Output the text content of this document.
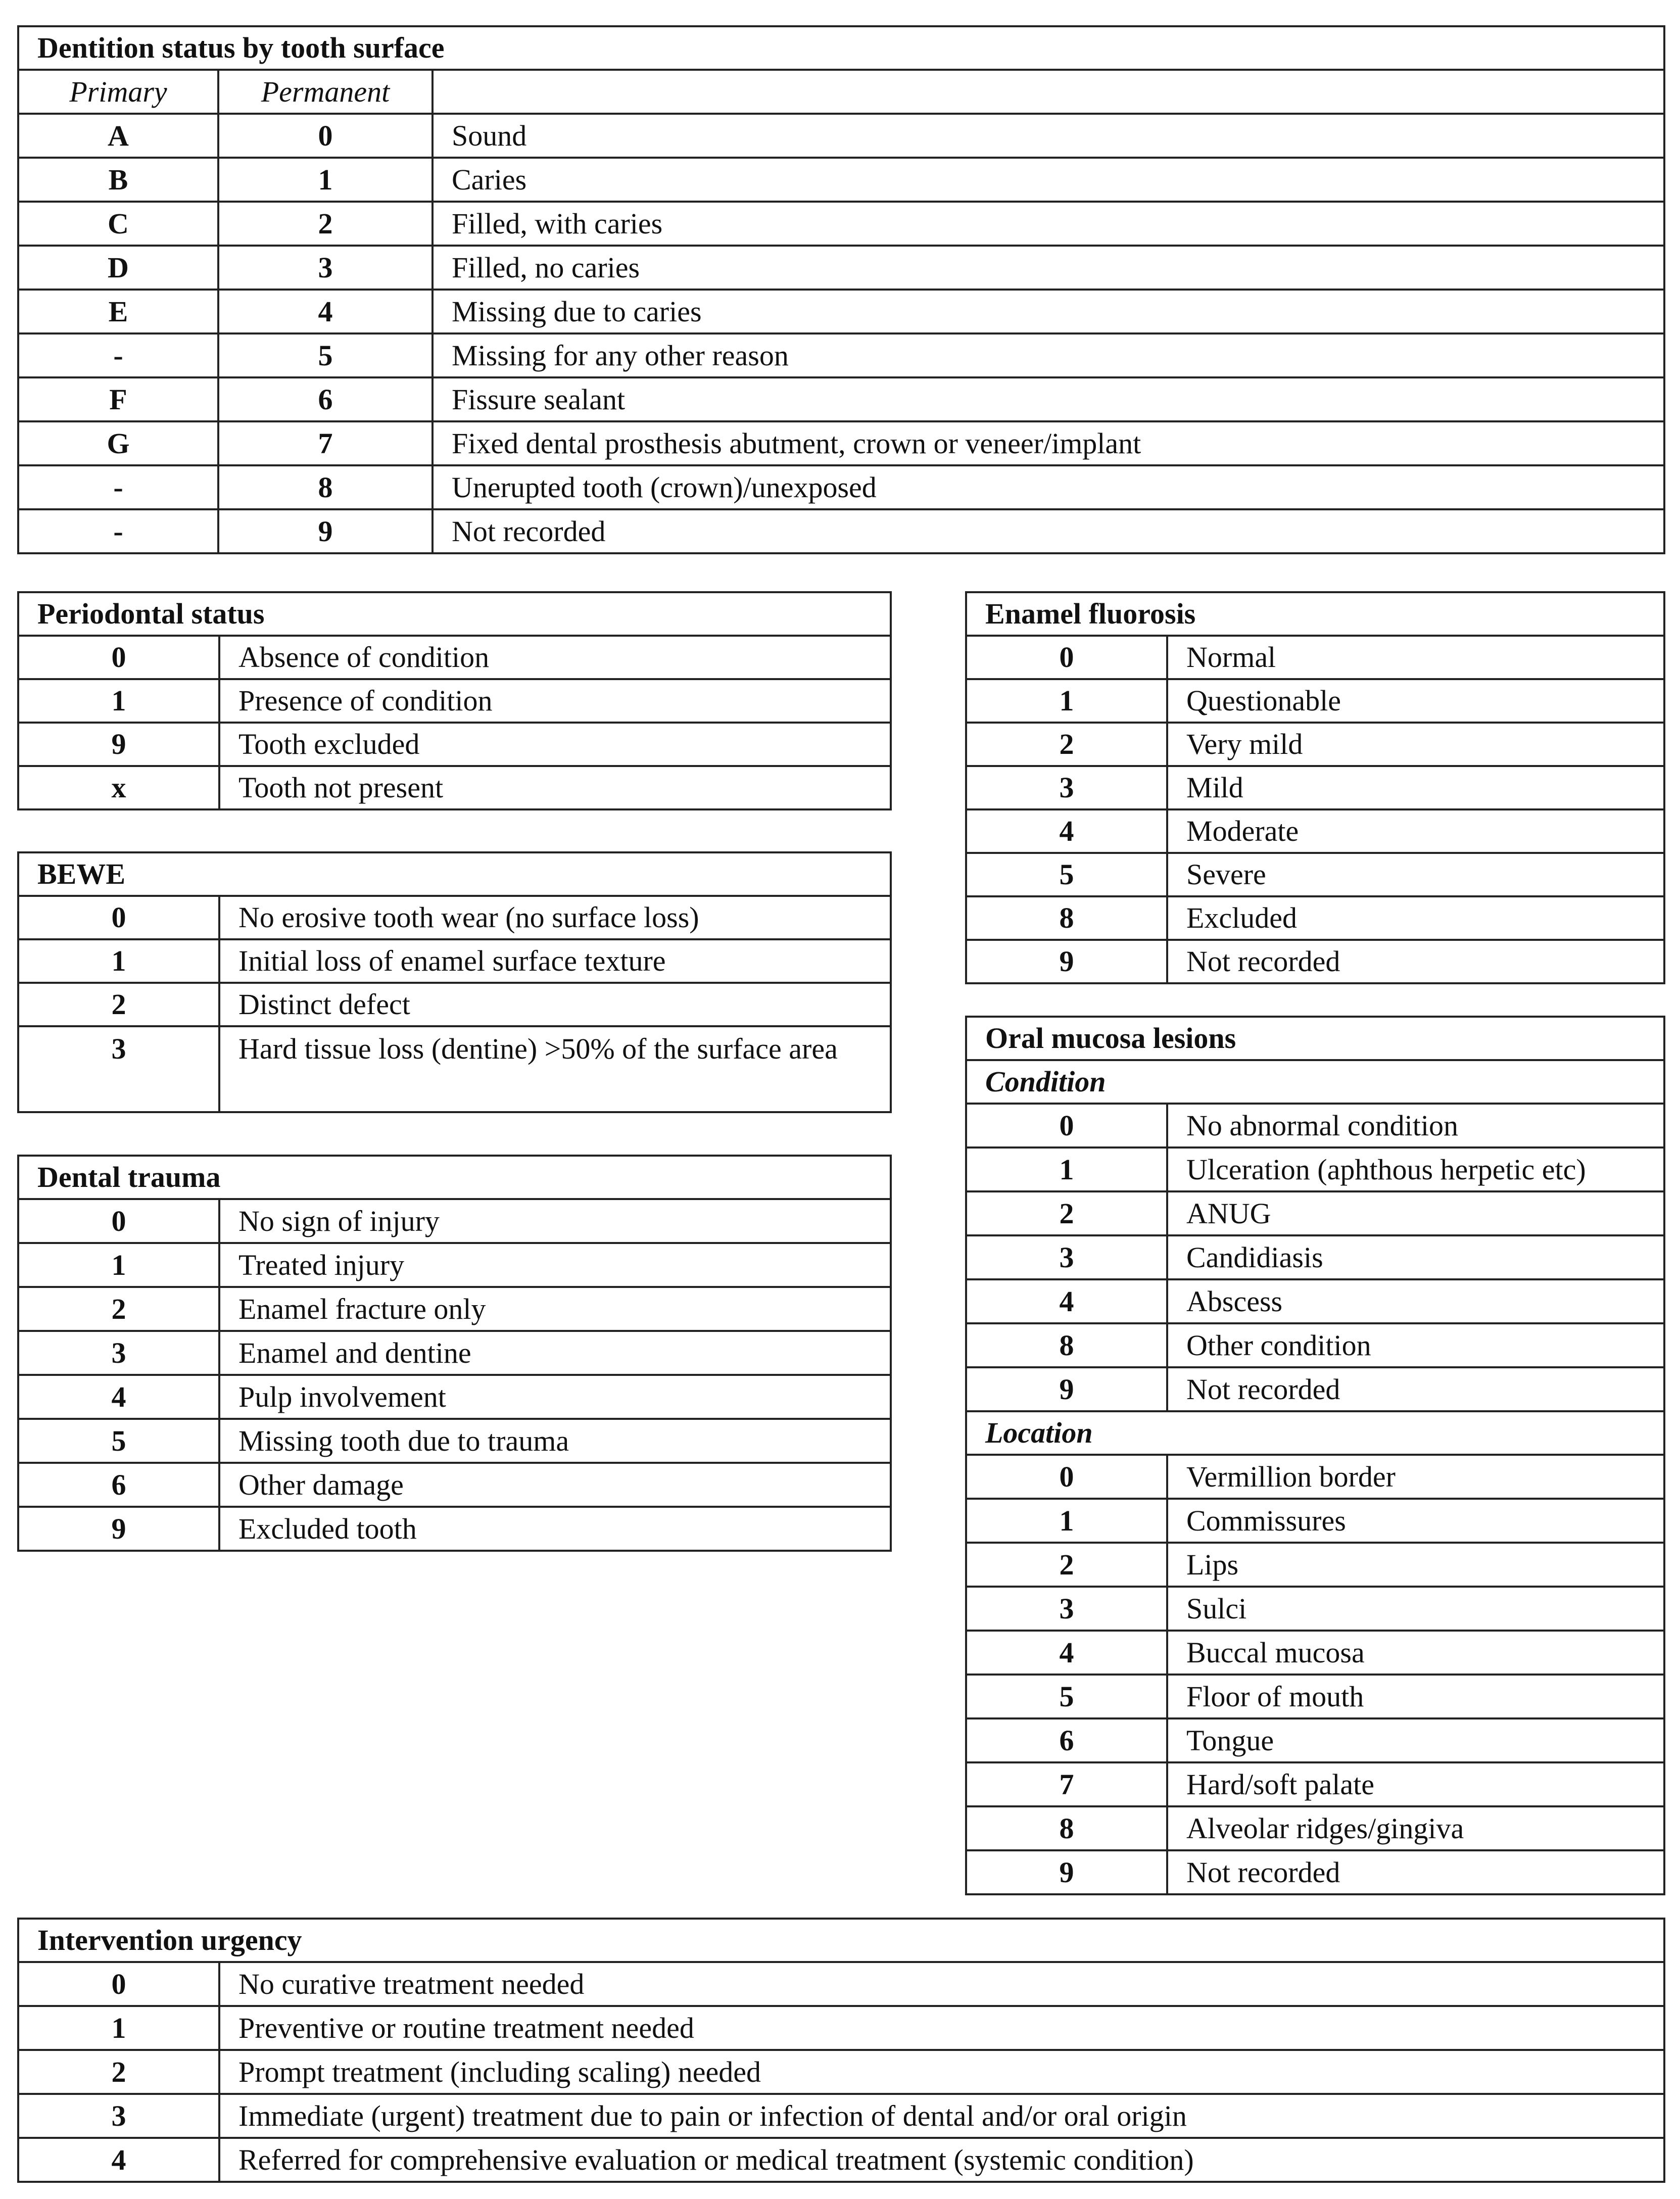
Dentition status by tooth surface		
Primary	Permanent	
A	0	Sound
B	1	Caries
C	2	Filled, with caries
D	3	Filled, no caries
E	4	Missing due to caries
-	5	Missing for any other reason
F	6	Fissure sealant
G	7	Fixed dental prosthesis abutment, crown or veneer/implant
-	8	Unerupted tooth (crown)/unexposed
-	9	Not recorded
Periodontal status	
0	Absence of condition
1	Presence of condition
9	Tooth excluded
x	Tooth not present
BEWE	
0	No erosive tooth wear (no surface loss)
1	Initial loss of enamel surface texture
2	Distinct defect
3	Hard tissue loss (dentine) >50% of the surface area
Dental trauma	
0	No sign of injury
1	Treated injury
2	Enamel fracture only
3	Enamel and dentine
4	Pulp involvement
5	Missing tooth due to trauma
6	Other damage
9	Excluded tooth
Enamel fluorosis	
0	Normal
1	Questionable
2	Very mild
3	Mild
4	Moderate
5	Severe
8	Excluded
9	Not recorded
Oral mucosa lesions	
Condition	
0	No abnormal condition
1	Ulceration (aphthous herpetic etc)
2	ANUG
3	Candidiasis
4	Abscess
8	Other condition
9	Not recorded
Location	
0	Vermillion border
1	Commissures
2	Lips
3	Sulci
4	Buccal mucosa
5	Floor of mouth
6	Tongue
7	Hard/soft palate
8	Alveolar ridges/gingiva
9	Not recorded
Intervention urgency	
0	No curative treatment needed
1	Preventive or routine treatment needed
2	Prompt treatment (including scaling) needed
3	Immediate (urgent) treatment due to pain or infection of dental and/or oral origin
4	Referred for comprehensive evaluation or medical treatment (systemic condition)
